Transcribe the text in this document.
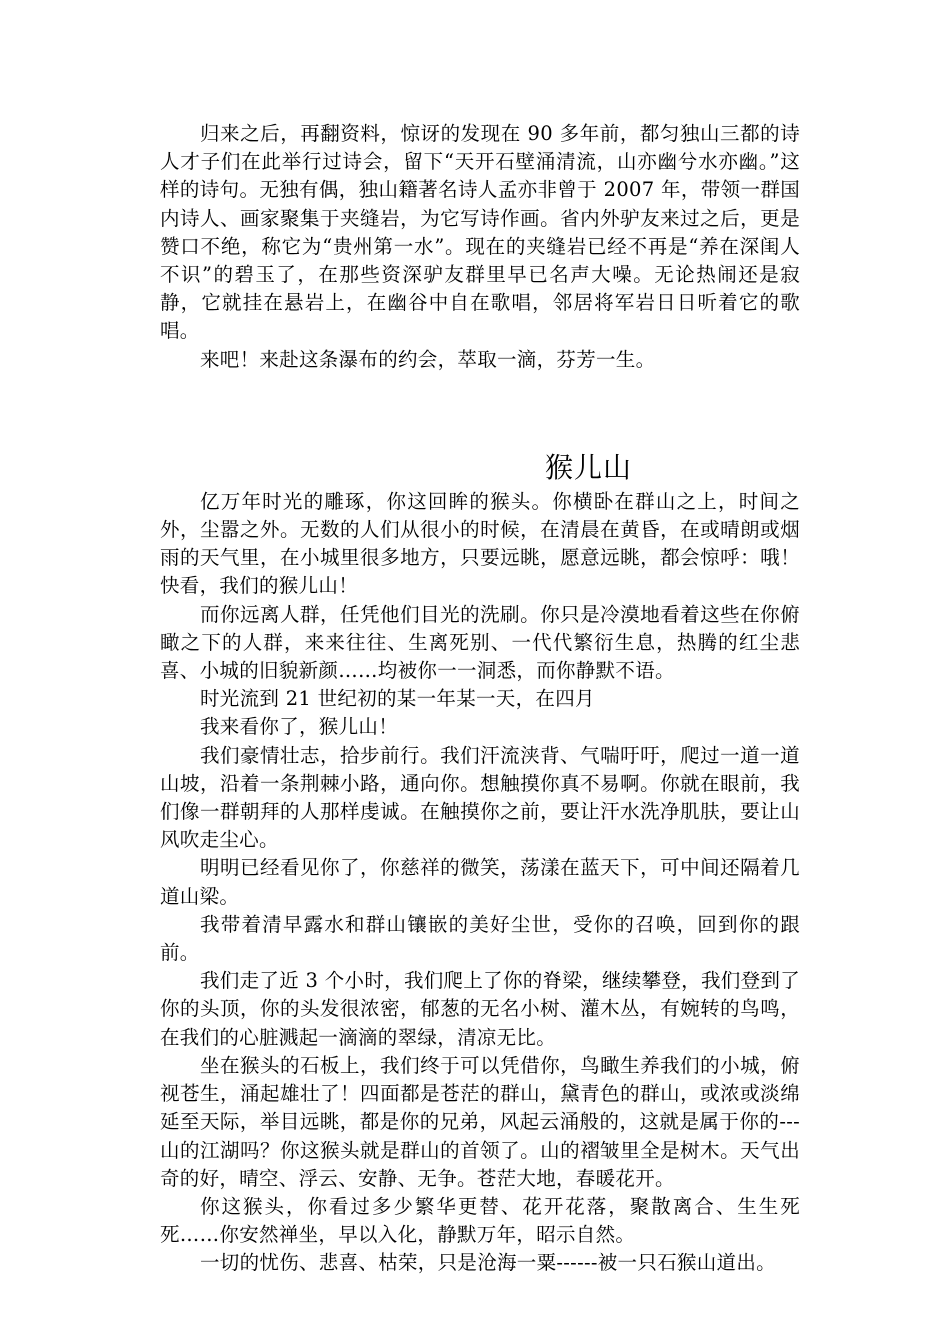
归来之后，再翻资料，惊讶的发现在 90 多年前，都匀独山三都的诗人才子们在此举行过诗会，留下“天开石壁涌清流，山亦幽兮水亦幽。”这样的诗句。无独有偶，独山籍著名诗人孟亦非曾于 2007 年，带领一群国内诗人、画家聚集于夹缝岩，为它写诗作画。省内外驴友来过之后，更是赞口不绝，称它为“贵州第一水”。现在的夹缝岩已经不再是“养在深闺人不识”的碧玉了，在那些资深驴友群里早已名声大噪。无论热闹还是寂静，它就挂在悬岩上，在幽谷中自在歌唱，邻居将军岩日日听着它的歌唱。

来吧！来赴这条瀑布的约会，萃取一滴，芬芳一生。

猴儿山

亿万年时光的雕琢，你这回眸的猴头。你横卧在群山之上，时间之外，尘嚣之外。无数的人们从很小的时候，在清晨在黄昏，在或晴朗或烟雨的天气里，在小城里很多地方，只要远眺，愿意远眺，都会惊呼：哦！快看，我们的猴儿山！

而你远离人群，任凭他们目光的洗刷。你只是冷漠地看着这些在你俯瞰之下的人群，来来往往、生离死别、一代代繁衍生息，热腾的红尘悲喜、小城的旧貌新颜……均被你一一洞悉，而你静默不语。

时光流到 21 世纪初的某一年某一天，在四月

我来看你了，猴儿山！

我们豪情壮志，拾步前行。我们汗流浃背、气喘吁吁，爬过一道一道山坡，沿着一条荆棘小路，通向你。想触摸你真不易啊。你就在眼前，我们像一群朝拜的人那样虔诚。在触摸你之前，要让汗水洗净肌肤，要让山风吹走尘心。

明明已经看见你了，你慈祥的微笑，荡漾在蓝天下，可中间还隔着几道山梁。

我带着清早露水和群山镶嵌的美好尘世，受你的召唤，回到你的跟前。

我们走了近 3 个小时，我们爬上了你的脊梁，继续攀登，我们登到了你的头顶，你的头发很浓密，郁葱的无名小树、灌木丛，有婉转的鸟鸣，在我们的心脏溅起一滴滴的翠绿，清凉无比。

坐在猴头的石板上，我们终于可以凭借你，鸟瞰生养我们的小城，俯视苍生，涌起雄壮了！四面都是苍茫的群山，黛青色的群山，或浓或淡绵延至天际，举目远眺，都是你的兄弟，风起云涌般的，这就是属于你的---山的江湖吗？你这猴头就是群山的首领了。山的褶皱里全是树木。天气出奇的好，晴空、浮云、安静、无争。苍茫大地，春暖花开。

你这猴头，你看过多少繁华更替、花开花落，聚散离合、生生死死……你安然禅坐，早以入化，静默万年，昭示自然。

一切的忧伤、悲喜、枯荣，只是沧海一粟------被一只石猴山道出。
